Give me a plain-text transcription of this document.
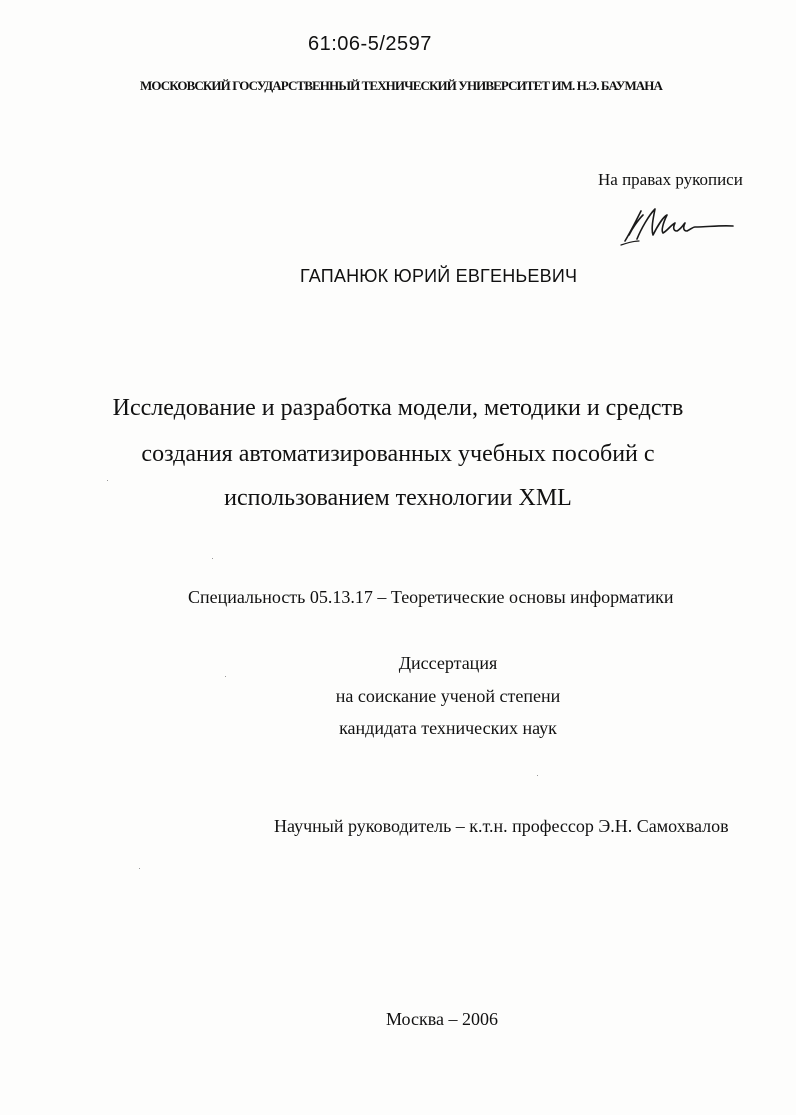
61:06-5/2597
МОСКОВСКИЙ ГОСУДАРСТВЕННЫЙ ТЕХНИЧЕСКИЙ УНИВЕРСИТЕТ ИМ. Н.Э. БАУМАНА
На правах рукописи
ГАПАНЮК ЮРИЙ ЕВГЕНЬЕВИЧ
Исследование и разработка модели, методики и средств
создания автоматизированных учебных пособий с
использованием технологии XML
Специальность 05.13.17 – Теоретические основы информатики
Диссертация
на соискание ученой степени
кандидата технических наук
Научный руководитель – к.т.н. профессор Э.Н. Самохвалов
Москва – 2006
